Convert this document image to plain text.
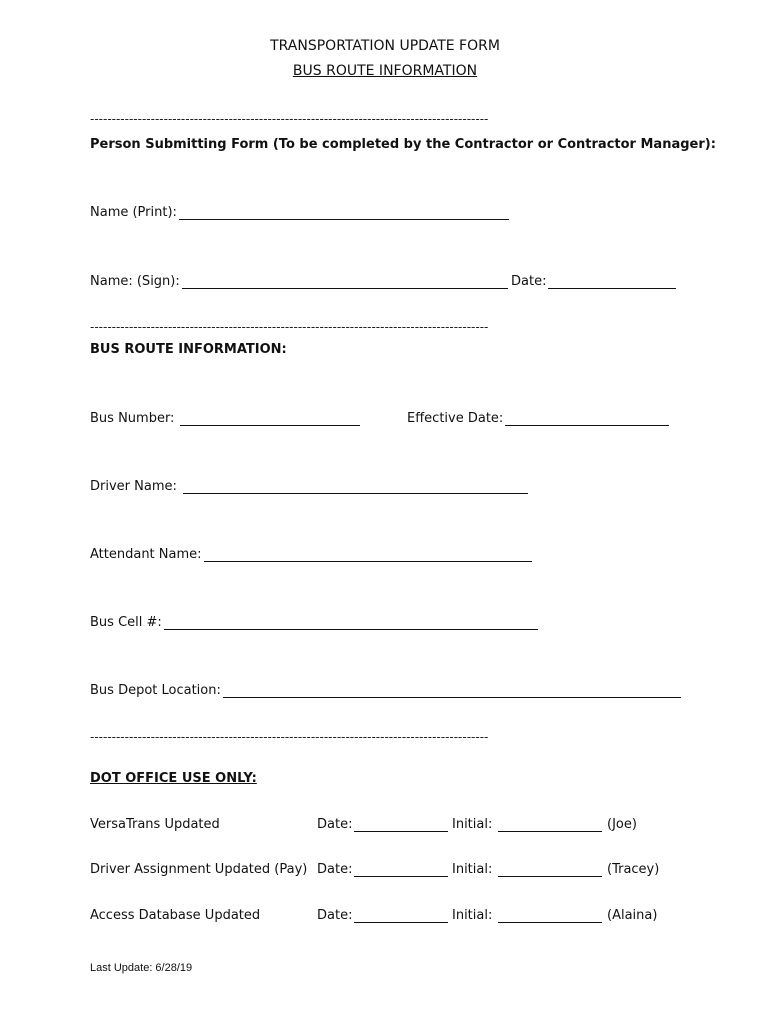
TRANSPORTATION UPDATE FORM
BUS ROUTE INFORMATION
--------------------------------------------------------------------------------------------
Person Submitting Form (To be completed by the Contractor or Contractor Manager):
Name (Print):
Name: (Sign):	Date:
--------------------------------------------------------------------------------------------
BUS ROUTE INFORMATION:
Bus Number:	Effective Date:
Driver Name:
Attendant Name:
Bus Cell #:
Bus Depot Location:
--------------------------------------------------------------------------------------------
DOT OFFICE USE ONLY:
VersaTrans Updated	Date:	Initial:	(Joe)
Driver Assignment Updated (Pay) Date:	Initial:	(Tracey)
Access Database Updated	Date:	Initial:	(Alaina)
Last Update: 6/28/19
